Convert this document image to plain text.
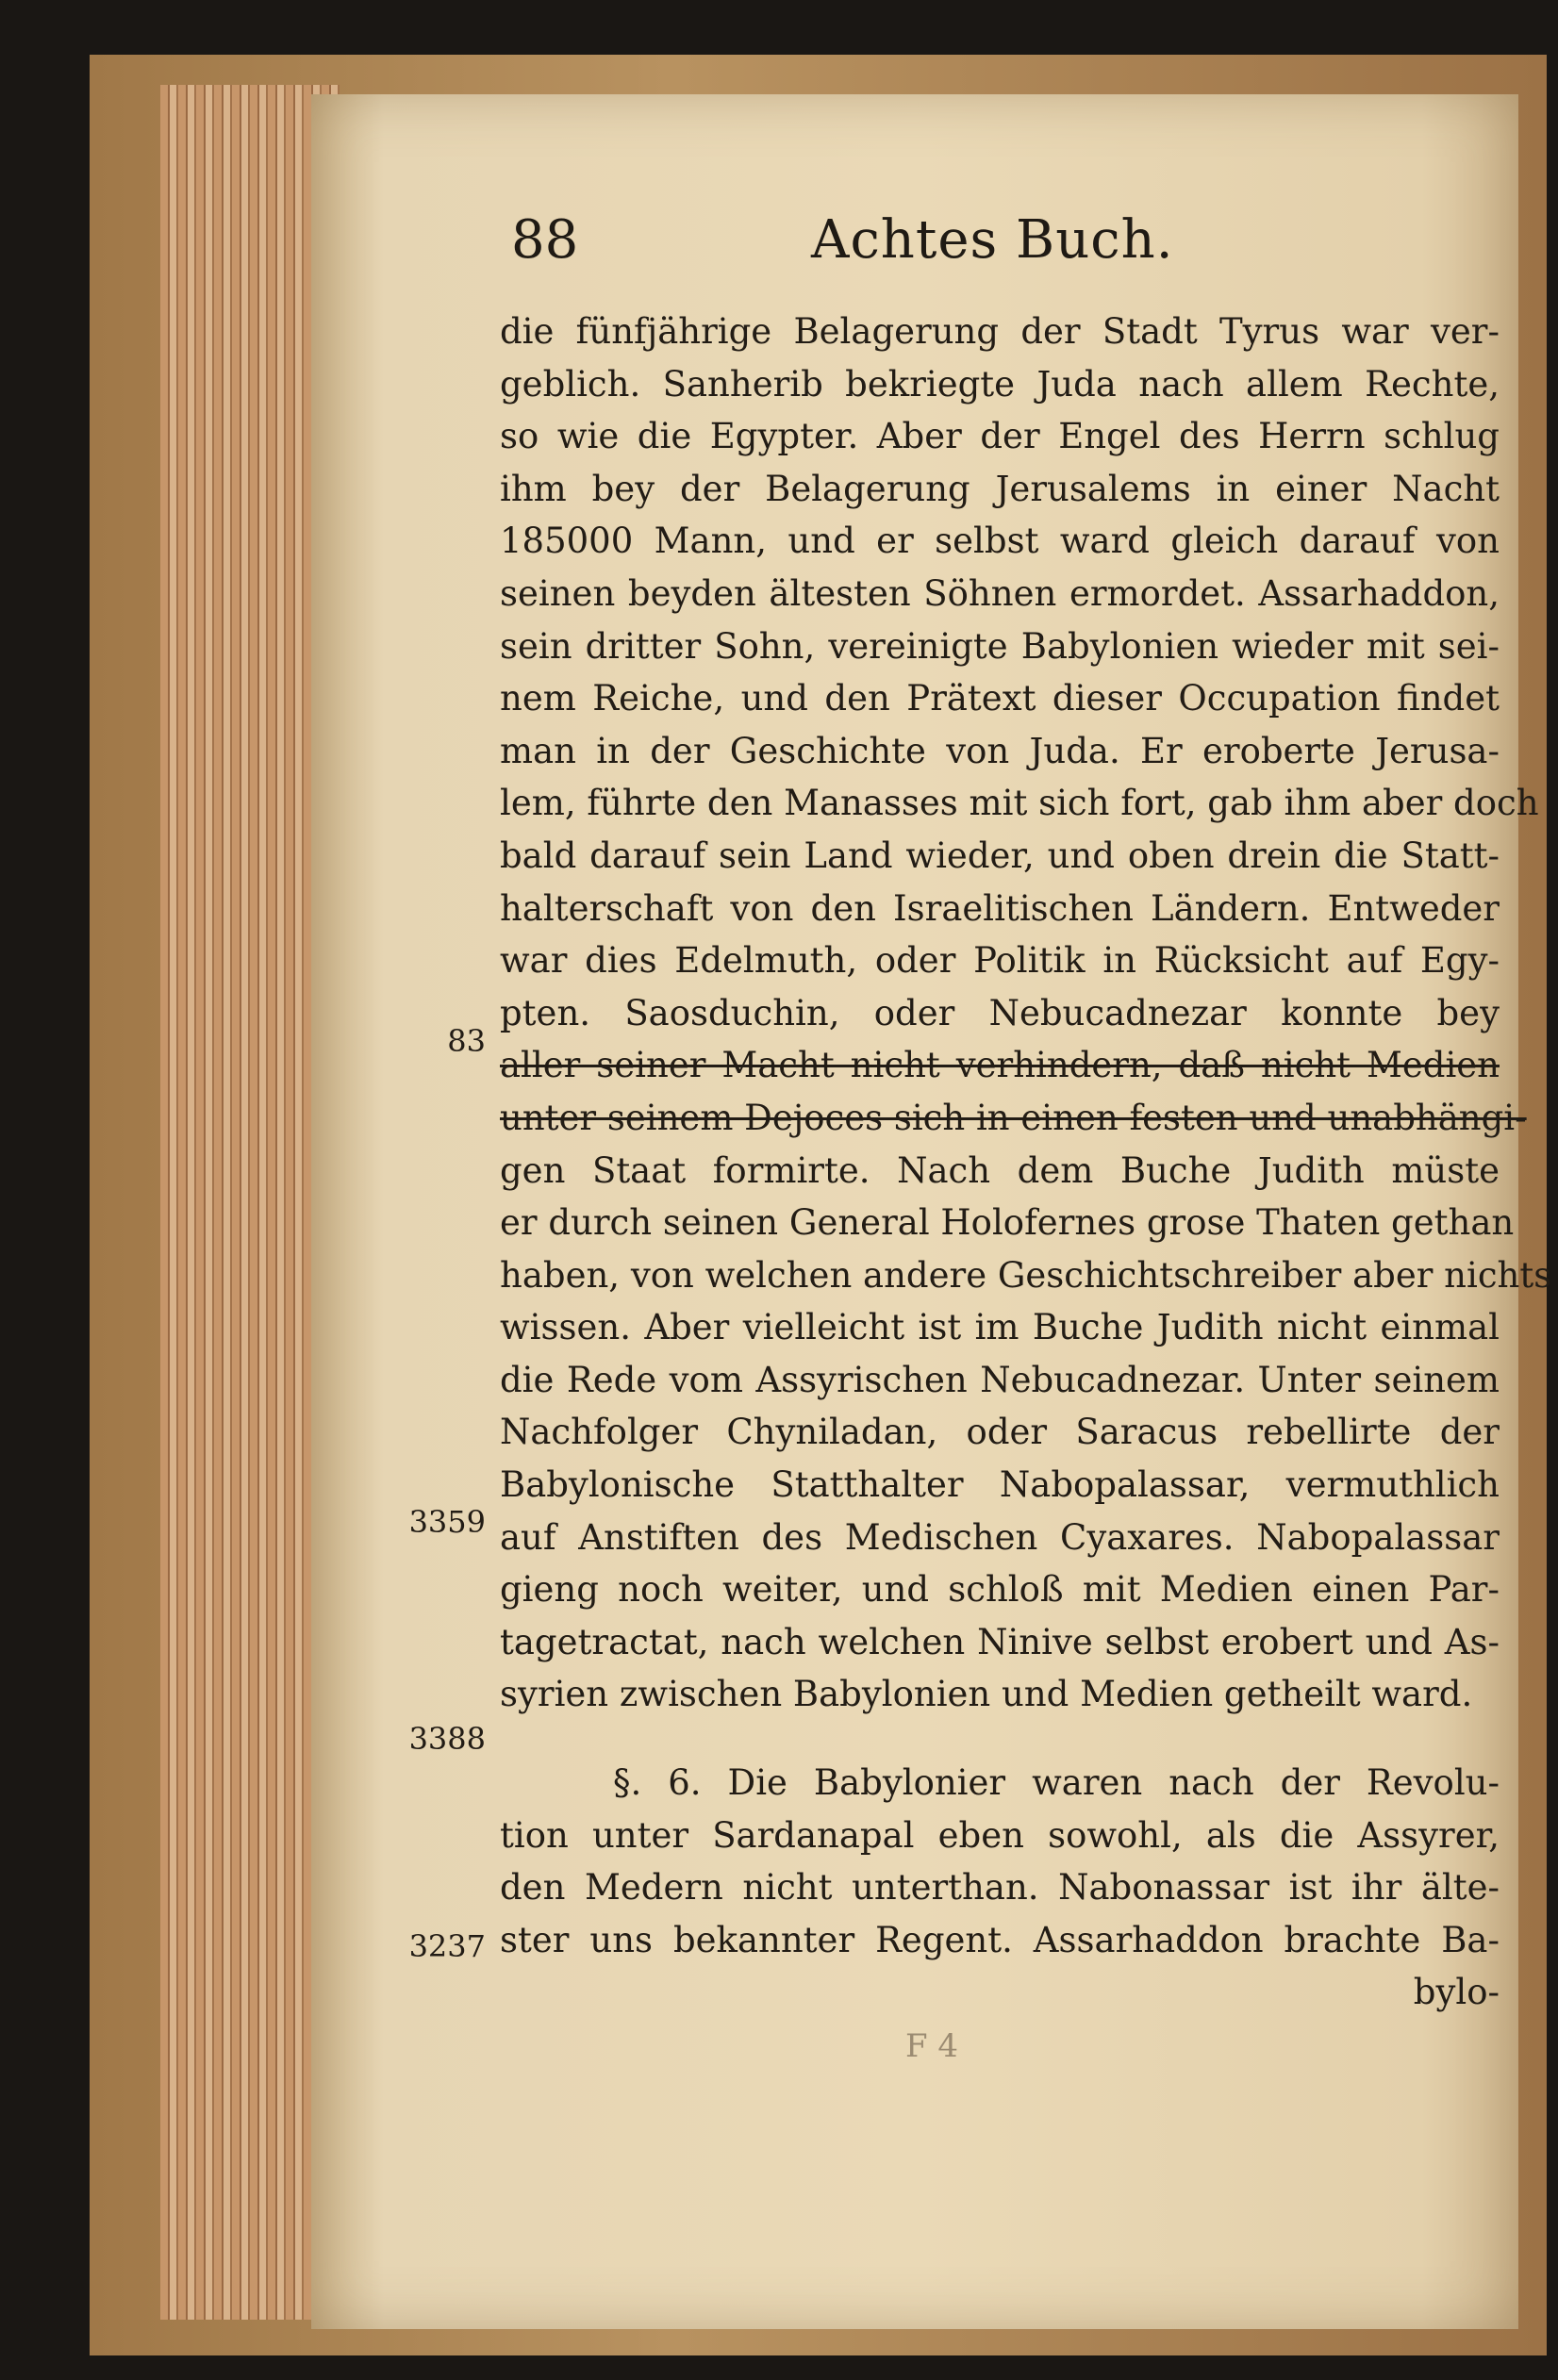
88	Achtes Buch.
83
3359
3388
3237
die fünfjährige Belagerung der Stadt Tyrus war ver-
geblich. Sanherib bekriegte Juda nach allem Rechte,
so wie die Egypter. Aber der Engel des Herrn schlug
ihm bey der Belagerung Jerusalems in einer Nacht
185000 Mann, und er selbst ward gleich darauf von
seinen beyden ältesten Söhnen ermordet. Assarhaddon,
sein dritter Sohn, vereinigte Babylonien wieder mit sei-
nem Reiche, und den Prätext dieser Occupation findet
man in der Geschichte von Juda. Er eroberte Jerusa-
lem, führte den Manasses mit sich fort, gab ihm aber doch
bald darauf sein Land wieder, und oben drein die Statt-
halterschaft von den Israelitischen Ländern. Entweder
war dies Edelmuth, oder Politik in Rücksicht auf Egy-
pten. Saosduchin, oder Nebucadnezar konnte bey
aller seiner Macht nicht verhindern, daß nicht Medien
unter seinem Dejoces sich in einen festen und unabhängi-
gen Staat formirte. Nach dem Buche Judith müste
er durch seinen General Holofernes grose Thaten gethan
haben, von welchen andere Geschichtschreiber aber nichts
wissen. Aber vielleicht ist im Buche Judith nicht einmal
die Rede vom Assyrischen Nebucadnezar. Unter seinem
Nachfolger Chyniladan, oder Saracus rebellirte der
Babylonische Statthalter Nabopalassar, vermuthlich
auf Anstiften des Medischen Cyaxares. Nabopalassar
gieng noch weiter, und schloß mit Medien einen Par-
tagetractat, nach welchen Ninive selbst erobert und As-
syrien zwischen Babylonien und Medien getheilt ward.
§. 6. Die Babylonier waren nach der Revolu-
tion unter Sardanapal eben sowohl, als die Assyrer,
den Medern nicht unterthan. Nabonassar ist ihr älte-
ster uns bekannter Regent. Assarhaddon brachte Ba-
bylo-
F 4
